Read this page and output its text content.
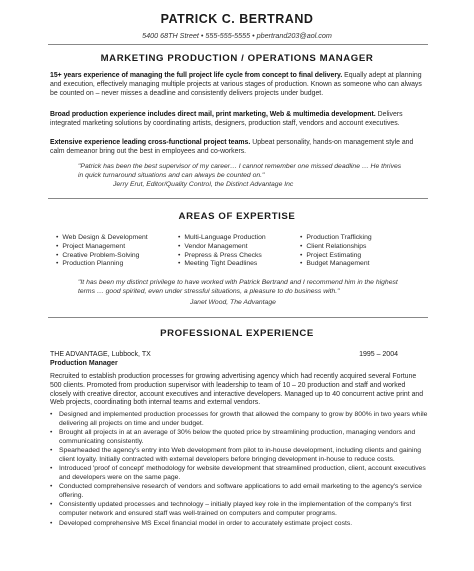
PATRICK C. BERTRAND
5400 68TH Street • 555-555-5555 • pbertrand203@aol.com
MARKETING PRODUCTION / OPERATIONS MANAGER
15+ years experience of managing the full project life cycle from concept to final delivery. Equally adept at planning and execution, effectively managing multiple projects at various stages of production. Known as someone who can always be counted on – never misses a deadline and consistently delivers projects under budget.
Broad production experience includes direct mail, print marketing, Web & multimedia development. Delivers integrated marketing solutions by coordinating artists, designers, production staff, vendors and account executives.
Extensive experience leading cross-functional project teams. Upbeat personality, hands-on management style and calm demeanor bring out the best in employees and co-workers.
"Patrick has been the best supervisor of my career… I cannot remember one missed deadline … He thrives in quick turnaround situations and can always be counted on."
Jerry Erut, Editor/Quality Control, the Distinct Advantage Inc
AREAS OF EXPERTISE
• Web Design & Development
• Project Management
• Creative Problem-Solving
• Production Planning
• Multi-Language Production
• Vendor Management
• Prepress & Press Checks
• Meeting Tight Deadlines
• Production Trafficking
• Client Relationships
• Project Estimating
• Budget Management
"It has been my distinct privilege to have worked with Patrick Bertrand and I recommend him in the highest terms … good spirited, even under stressful situations, a pleasure to do business with."
Janet Wood, The Advantage
PROFESSIONAL EXPERIENCE
THE ADVANTAGE, Lubbock, TX	1995 – 2004
Production Manager
Recruited to establish production processes for growing advertising agency which had recently acquired several Fortune 500 clients. Promoted from production supervisor with leadership to team of 10 – 20 production and staff and worked closely with creative director, account executives and interactive developers. Managed up to 40 concurrent active print and Web projects, coordinating both internal teams and external vendors.
• Designed and implemented production processes for growth that allowed the company to grow by 800% in two years while delivering all projects on time and under budget.
• Brought all projects in at an average of 30% below the quoted price by streamlining production, managing vendors and communicating consistently.
• Spearheaded the agency's entry into Web development from pilot to in-house development, including clients and gaining client loyalty. Initially contracted with external developers before bringing development in-house to reduce costs.
• Introduced 'proof of concept' methodology for website development that streamlined production, client, account executives and developers were on the same page.
• Conducted comprehensive research of vendors and software applications to add email marketing to the agency's service offering.
• Consistently updated processes and technology – initially played key role in the implementation of the company's first computer network and ensured staff was well-trained on computers and computer programs.
• Developed comprehensive MS Excel financial model in order to accurately estimate project costs.
